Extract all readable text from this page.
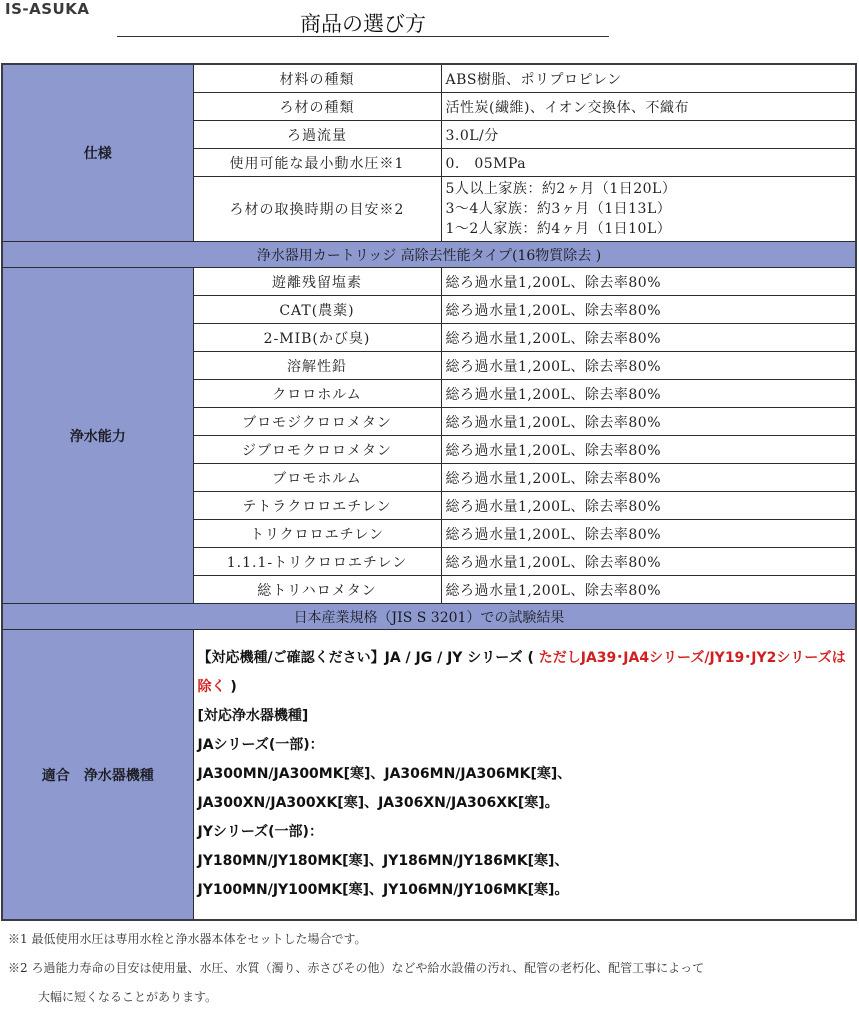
IS-ASUKA
商品の選び方
仕様	材料の種類	ABS樹脂、ポリプロピレン
	ろ材の種類	活性炭(繊維)、イオン交換体、不織布
	ろ過流量	3.0L/分
	使用可能な最小動水圧※1	0.　05MPa
	ろ材の取換時期の目安※2	5人以上家族：約2ヶ月（1日20L）
3〜4人家族：約3ヶ月（1日13L）
1〜2人家族：約4ヶ月（1日10L）

浄水器用カートリッジ 高除去性能タイプ(16物質除去 )		
浄水能力	遊離残留塩素	総ろ過水量1,200L、除去率80%
	CAT(農薬)	総ろ過水量1,200L、除去率80%
	2-MIB(かび臭)	総ろ過水量1,200L、除去率80%
	溶解性鉛	総ろ過水量1,200L、除去率80%
	クロロホルム	総ろ過水量1,200L、除去率80%
	ブロモジクロロメタン	総ろ過水量1,200L、除去率80%
	ジブロモクロロメタン	総ろ過水量1,200L、除去率80%
	ブロモホルム	総ろ過水量1,200L、除去率80%
	テトラクロロエチレン	総ろ過水量1,200L、除去率80%
	トリクロロエチレン	総ろ過水量1,200L、除去率80%
	1.1.1-トリクロロエチレン	総ろ過水量1,200L、除去率80%
	総トリハロメタン	総ろ過水量1,200L、除去率80%
日本産業規格（JIS S 3201）での試験結果		
適合　浄水器機種	
【対応機種/ご確認ください】JA / JG / JY シリーズ ( ただしJA39･JA4シリーズ/JY19･JY2シリーズは除く )
[対応浄水器機種]
JAシリーズ(一部)：
JA300MN/JA300MK[寒]、JA306MN/JA306MK[寒]、
JA300XN/JA300XK[寒]、JA306XN/JA306XK[寒]。
JYシリーズ(一部)：
JY180MN/JY180MK[寒]、JY186MN/JY186MK[寒]、
JY100MN/JY100MK[寒]、JY106MN/JY106MK[寒]。
※1 最低使用水圧は専用水栓と浄水器本体をセットした場合です。
※2 ろ過能力寿命の目安は使用量、水圧、水質（濁り、赤さびその他）などや給水設備の汚れ、配管の老朽化、配管工事によって
大幅に短くなることがあります。
